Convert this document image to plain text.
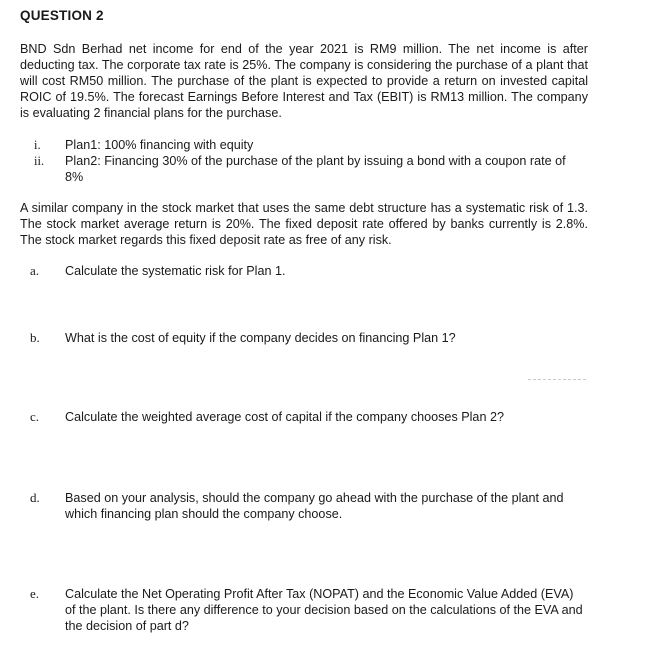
QUESTION 2
BND Sdn Berhad net income for end of the year 2021 is RM9 million. The net income is after deducting tax. The corporate tax rate is 25%. The company is considering the purchase of a plant that will cost RM50 million. The purchase of the plant is expected to provide a return on invested capital ROIC of 19.5%. The forecast Earnings Before Interest and Tax (EBIT) is RM13 million. The company is evaluating 2 financial plans for the purchase.
i. Plan1: 100% financing with equity
ii. Plan2: Financing 30% of the purchase of the plant by issuing a bond with a coupon rate of 8%
A similar company in the stock market that uses the same debt structure has a systematic risk of 1.3. The stock market average return is 20%. The fixed deposit rate offered by banks currently is 2.8%. The stock market regards this fixed deposit rate as free of any risk.
a. Calculate the systematic risk for Plan 1.
b. What is the cost of equity if the company decides on financing Plan 1?
c. Calculate the weighted average cost of capital if the company chooses Plan 2?
d. Based on your analysis, should the company go ahead with the purchase of the plant and which financing plan should the company choose.
e. Calculate the Net Operating Profit After Tax (NOPAT) and the Economic Value Added (EVA) of the plant. Is there any difference to your decision based on the calculations of the EVA and the decision of part d?
